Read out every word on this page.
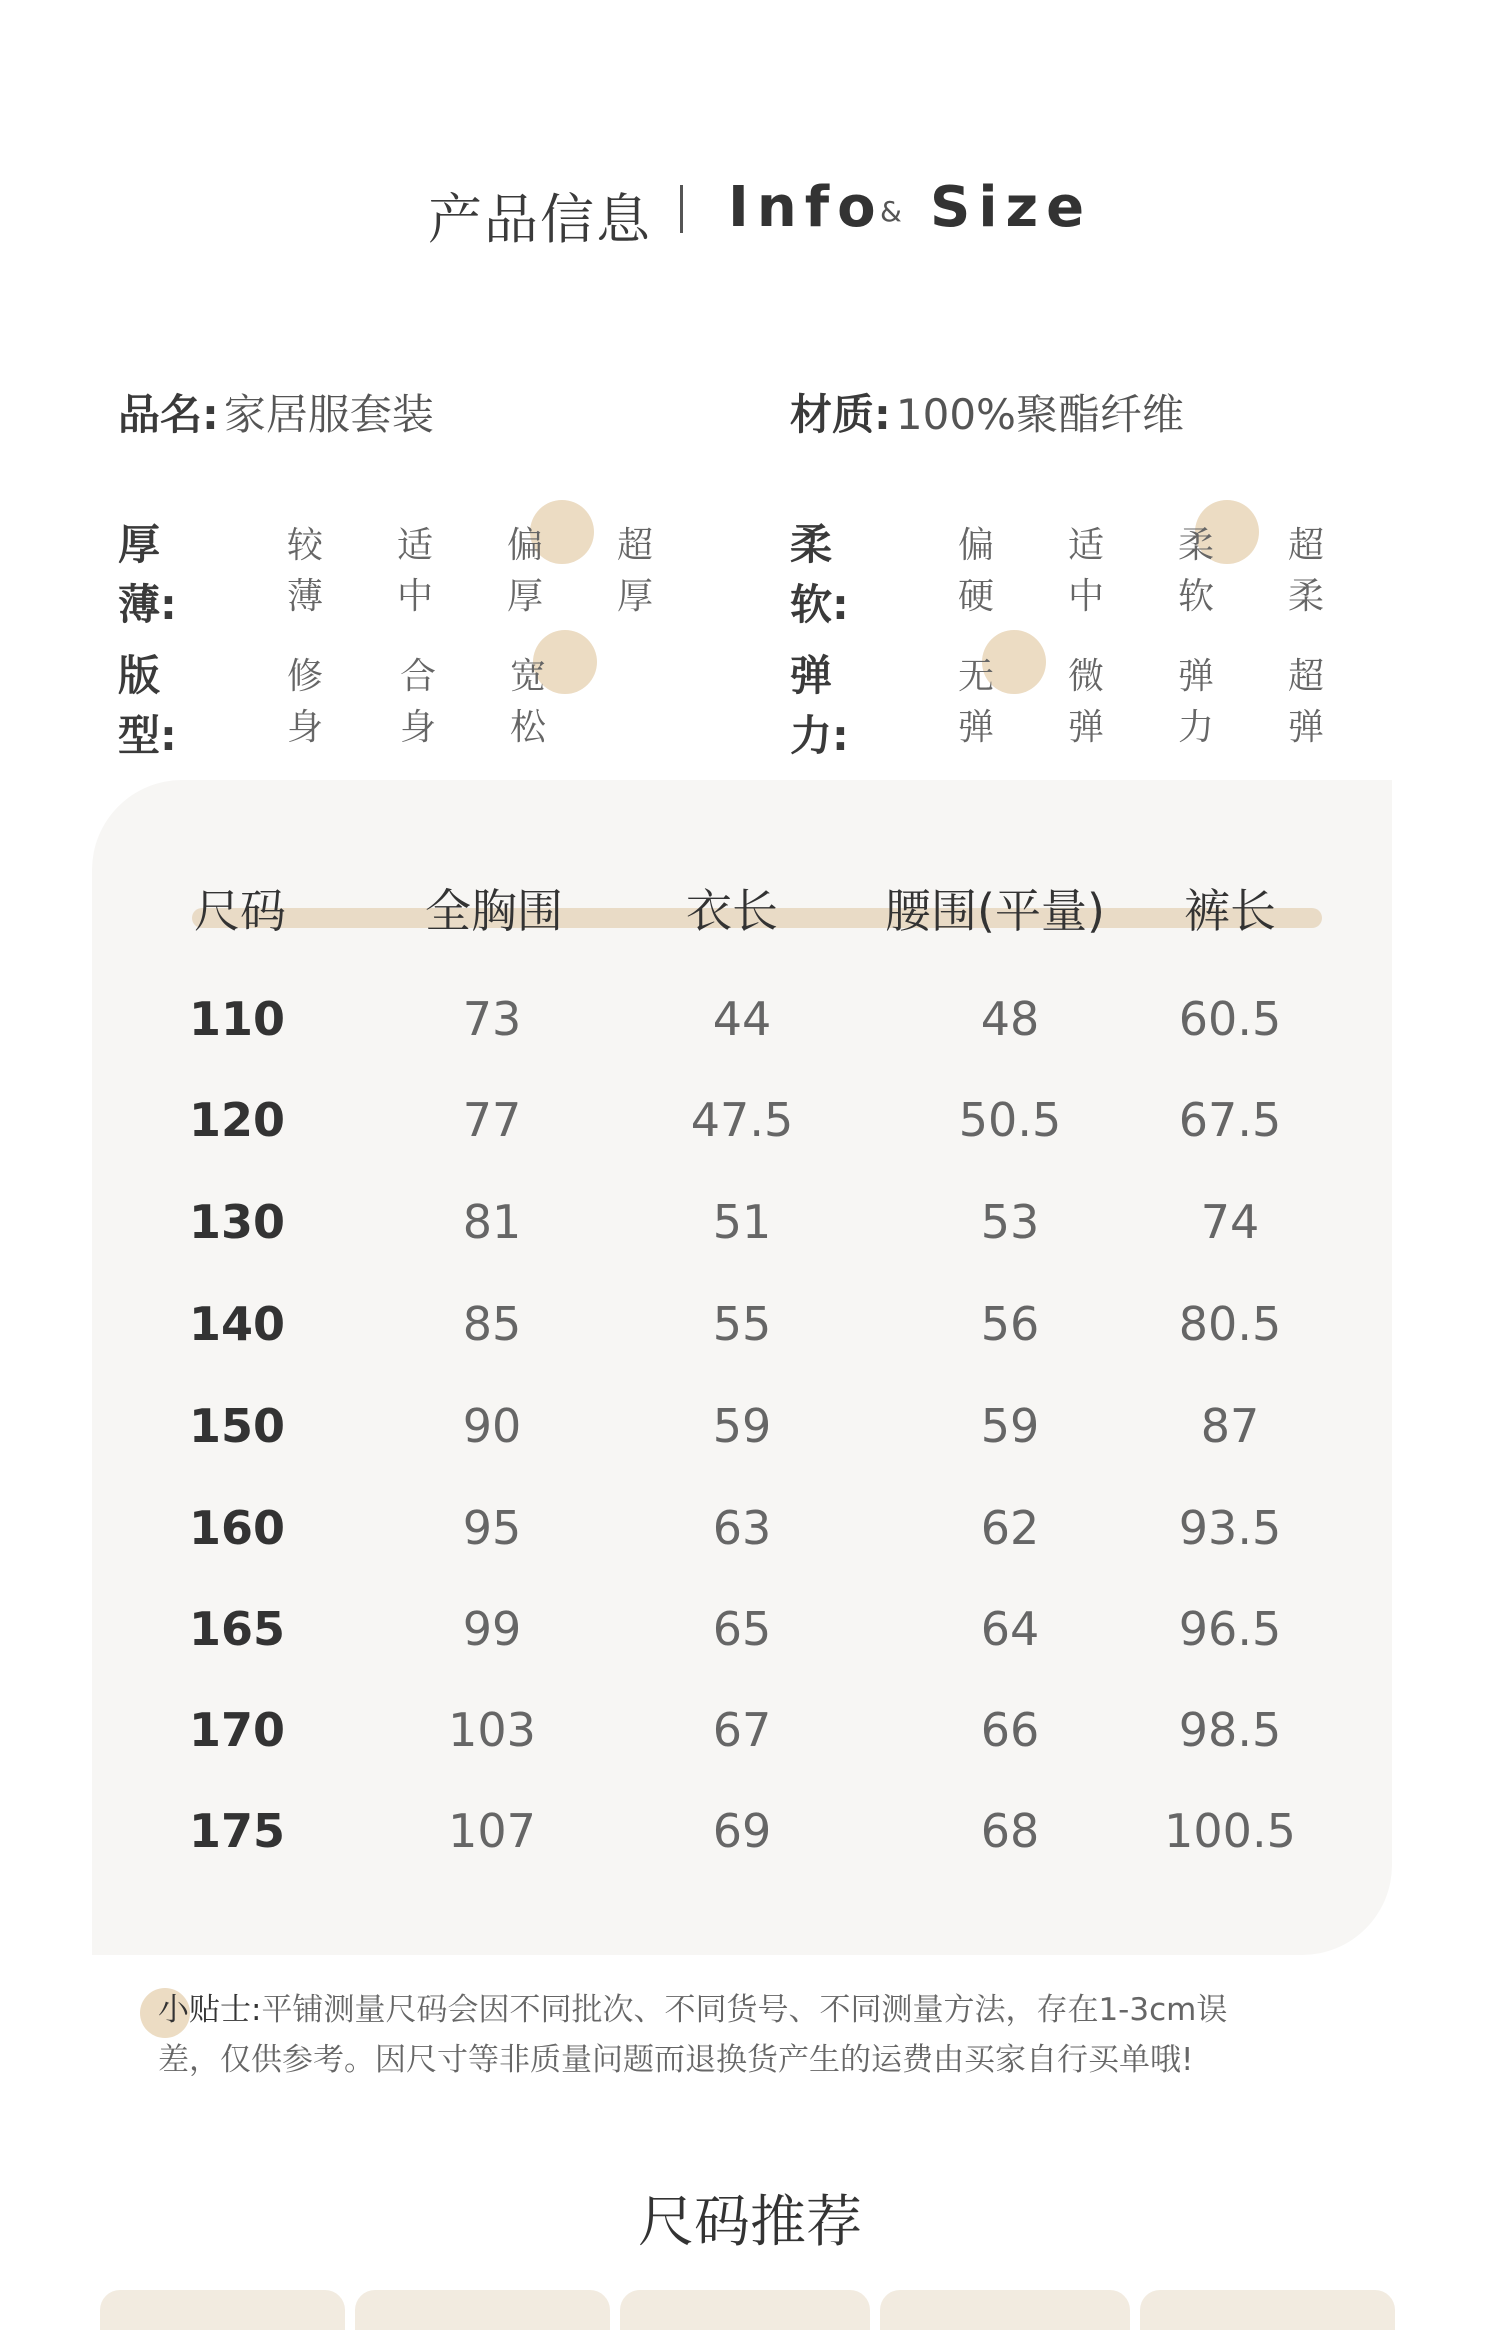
产品信息 Info
& Size
品名: 家居服套装	材质: 100%聚酯纤维
厚薄:
较薄
适中
偏厚
超厚
柔软:
偏硬
适中
柔软
超柔
版型:
修身
合身
宽松
弹力:
无弹
微弹
弹力
超弹
尺码	全胸围	衣长 腰围(平量) 裤长
110	73	44	48	60.5
120	77	47.5	50.5	67.5
130	81	51	53	74
140	85	55	56	80.5
150	90	59	59	87
160	95	63	62	93.5
165	99	65	64	96.5
170	103	67	66	98.5
175	107	69	68	100.5
小贴士:平铺测量尺码会因不同批次、不同货号、不同测量方法，存在1-3cm误
差，仅供参考。因尺寸等非质量问题而退换货产生的运费由买家自行买单哦!
尺码推荐
